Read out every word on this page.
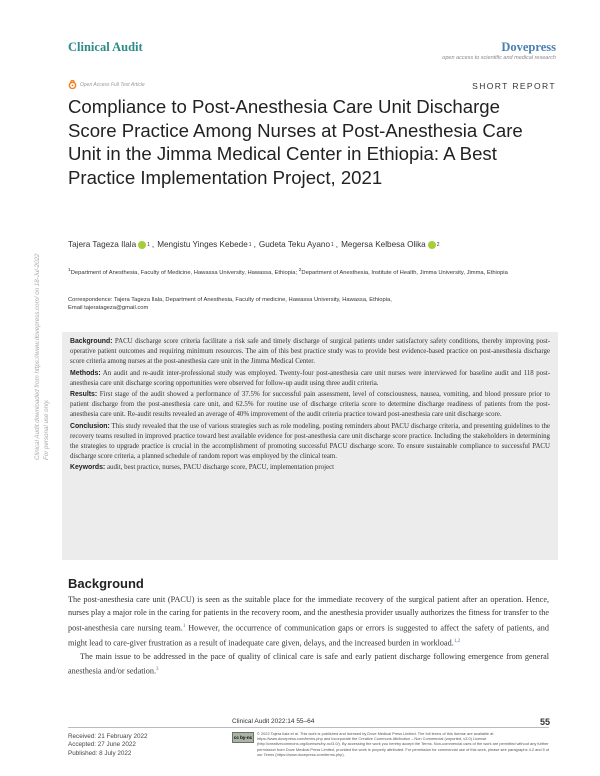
Clinical Audit	Dovepress
open access to scientific and medical research
Open Access Full Text Article	SHORT REPORT
Compliance to Post-Anesthesia Care Unit Discharge Score Practice Among Nurses at Post-Anesthesia Care Unit in the Jimma Medical Center in Ethiopia: A Best Practice Implementation Project, 2021
Tajera Tageza Ilala 1 , Mengistu Yinges Kebede 1 , Gudeta Teku Ayano 1 , Megersa Kelbesa Olika 2
$^1$Department of Anesthesia, Faculty of Medicine, Hawassa University, Hawassa, Ethiopia; $^2$Department of Anesthesia, Institute of Health, Jimma University, Jimma, Ethiopia
Correspondence: Tajera Tageza Ilala, Department of Anesthesia, Faculty of medicine, Hawassa University, Hawassa, Ethiopia,
Email tajeratageza@gmail.com

Background: PACU discharge score criteria facilitate a risk safe and timely discharge of surgical patients under satisfactory safety conditions, thereby improving post-operative patient outcomes and requiring minimum resources. The aim of this best practice study was to provide best evidence-based practice on post-anesthesia discharge score criteria among nurses at the post-anesthesia care unit in the Jimma Medical Center.

Methods: An audit and re-audit inter-professional study was employed. Twenty-four post-anesthesia care unit nurses were interviewed for baseline audit and 118 post-anesthesia care unit discharge scoring opportunities were observed for follow-up audit using three audit criteria.

Results: First stage of the audit showed a performance of 37.5% for successful pain assessment, level of consciousness, nausea, vomiting, and blood pressure prior to patient discharge from the post-anesthesia care unit, and 62.5% for routine use of discharge criteria score to determine discharge readiness of patients from the post-anesthesia care unit. Re-audit results revealed an average of 40% improvement of the audit criteria practice toward post-anesthesia care unit discharge score.

Conclusion: This study revealed that the use of various strategies such as role modeling, posting reminders about PACU discharge criteria, and presenting guidelines to the recovery teams resulted in improved practice toward best available evidence for post-anesthesia care unit discharge score practice. Including the stakeholders in determining the strategies to upgrade practice is crucial in the accomplishment of promoting successful PACU discharge score. To ensure sustainable compliance to successful PACU discharge score criteria, a planned schedule of random report was employed by the clinical team.

Keywords: audit, best practice, nurses, PACU discharge score, PACU, implementation project

Background

The post-anesthesia care unit (PACU) is seen as the suitable place for the immediate recovery of the surgical patient after an operation. Hence, nurses play a major role in the caring for patients in the recovery room, and the anesthesia provider usually authorizes the fitness for transfer to the post-anesthesia care nursing team.$^1$ However, the occurrence of communication gaps or errors is suggested to affect the safety of patients, and might lead to care-giver frustration as a result of inadequate care given, delays, and the increased burden in workload.$^{1,2}$

The main issue to be addressed in the pace of quality of clinical care is safe and early patient discharge following emergence from general anesthesia and/or sedation.$^3$

Clinical Audit downloaded from https://www.dovepress.com/ on 18-Jul-2022 For personal use only.
Clinical Audit 2022:14 55–64	55
Received: 21 February 2022
Accepted: 27 June 2022
Published: 8 July 2022
cc by-nc
© 2022 Tajera Ilala et al. This work is published and licensed by Dove Medical Press Limited. The full terms of this license are available at https://www.dovepress.com/terms.php and incorporate the Creative Commons Attribution – Non Commercial (unported, v3.0) License (http://creativecommons.org/licenses/by-nc/3.0/). By accessing the work you hereby accept the Terms. Non-commercial uses of the work are permitted without any further permission from Dove Medical Press Limited, provided the work is properly attributed. For permission for commercial use of this work, please see paragraphs 4.2 and 5 of our Terms (https://www.dovepress.com/terms.php).
